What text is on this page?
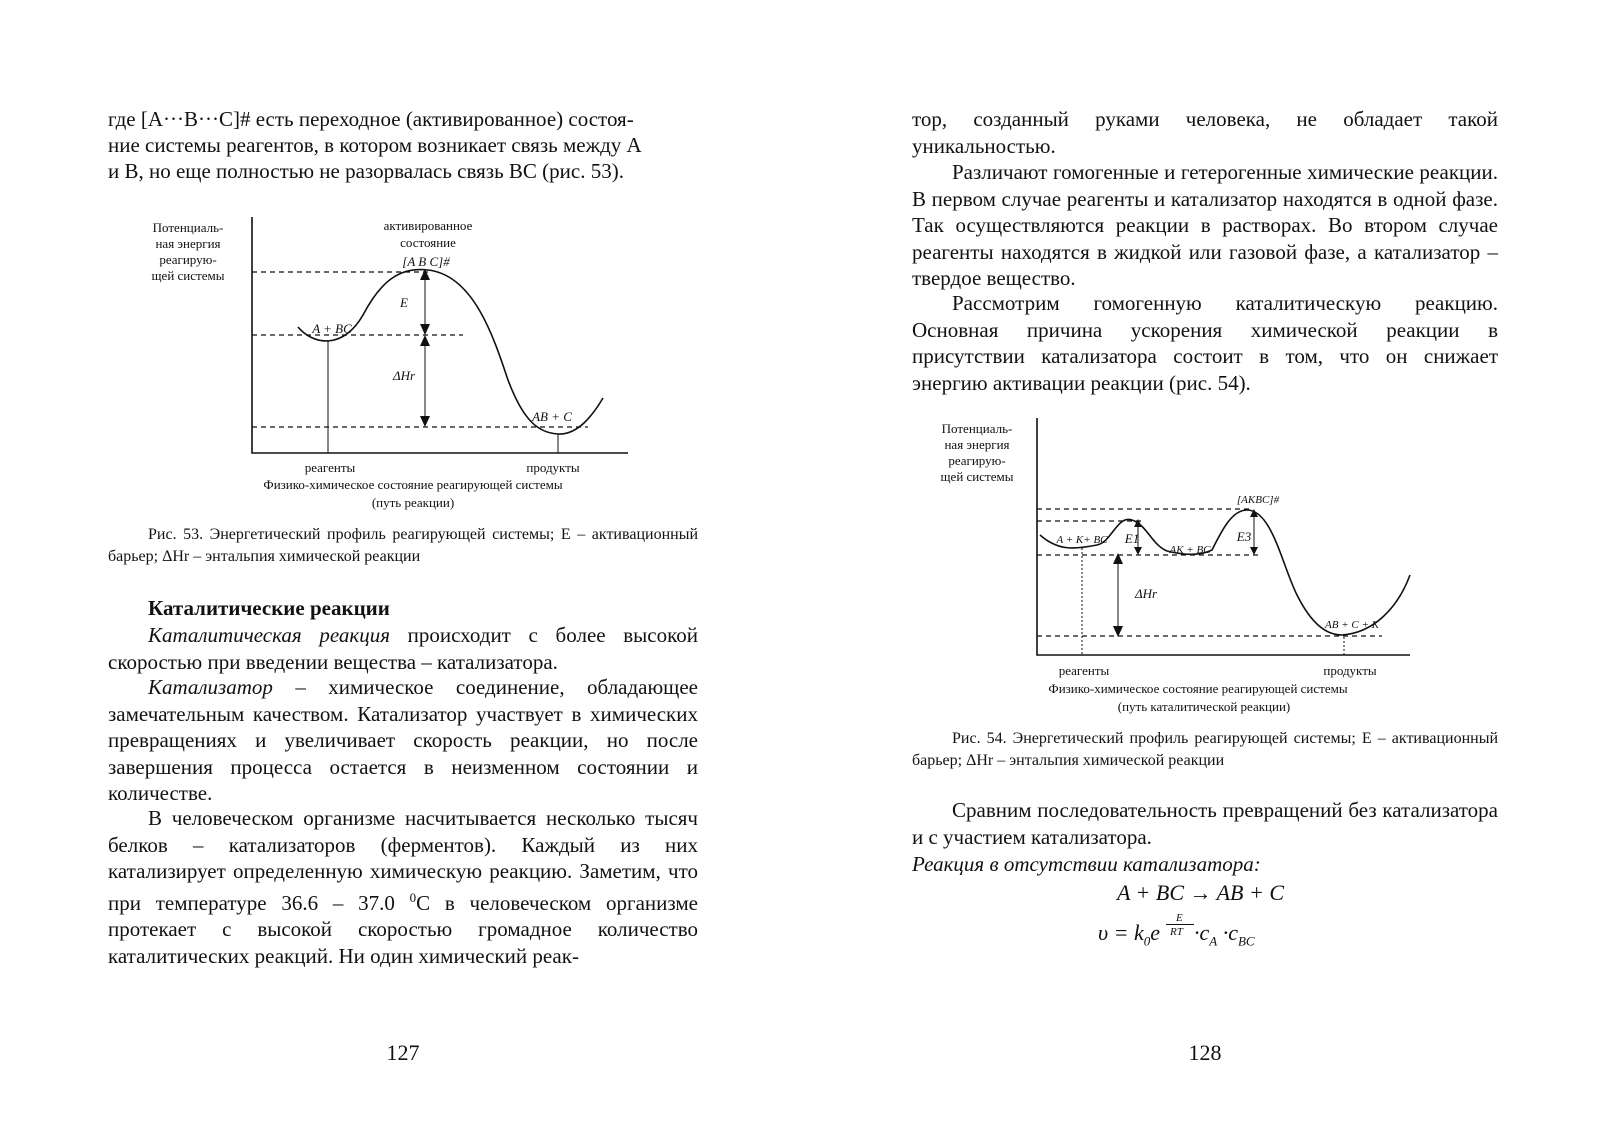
где [A···B···C]# есть переходное (активированное) состоя-

ние системы реагентов, в котором возникает связь между A

и B, но еще полностью не разорвалась связь BC (рис. 53).

Потенциаль-
ная энергия
реагирую-
щей системы
активированное
состояние
[A B C]#
E
A + BC
ΔHr
AB + C
реагенты	продукты
Физико-химическое состояние реагирующей системы
(путь реакции)

Рис. 53. Энергетический профиль реагирующей системы; E – активационный барьер; ΔHr – энтальпия химической реакции

Каталитические реакции

Каталитическая реакция происходит с более высокой скоростью при введении вещества – катализатора.

Катализатор – химическое соединение, обладающее замечательным качеством. Катализатор участвует в химических превращениях и увеличивает скорость реакции, но после завершения процесса остается в неизменном состоянии и количестве.

В человеческом организме насчитывается несколько тысяч белков – катализаторов (ферментов). Каждый из них катализирует определенную химическую реакцию. Заметим, что при температуре 36.6 – 37.0 $^0$C в человеческом организме протекает с высокой скоростью громадное количество каталитических реакций. Ни один химический реак-

127

тор, созданный руками человека, не обладает такой уникальностью.

Различают гомогенные и гетерогенные химические реакции. В первом случае реагенты и катализатор находятся в одной фазе. Так осуществляются реакции в растворах. Во втором случае реагенты находятся в жидкой или газовой фазе, а катализатор – твердое вещество.

Рассмотрим гомогенную каталитическую реакцию. Основная причина ускорения химической реакции в присутствии катализатора состоит в том, что он снижает энергию активации реакции (рис. 54).

Потенциаль-
ная энергия
реагирую-
щей системы
[AKBC]#
A + K+ BC E1
AK + BC
E3
ΔHr
AB + C + K
реагенты	продукты
Физико-химическое состояние реагирующей системы
(путь каталитической реакции)

Рис. 54. Энергетический профиль реагирующей системы; E – активационный барьер; ΔHr – энтальпия химической реакции

Сравним последовательность превращений без катализатора и с участием катализатора.

Реакция в отсутствии катализатора:
A + BC → AB + C
$\upsilon = k_0e \frac{E}{RT} \cdot c_A \cdot c_{BC}$
128
